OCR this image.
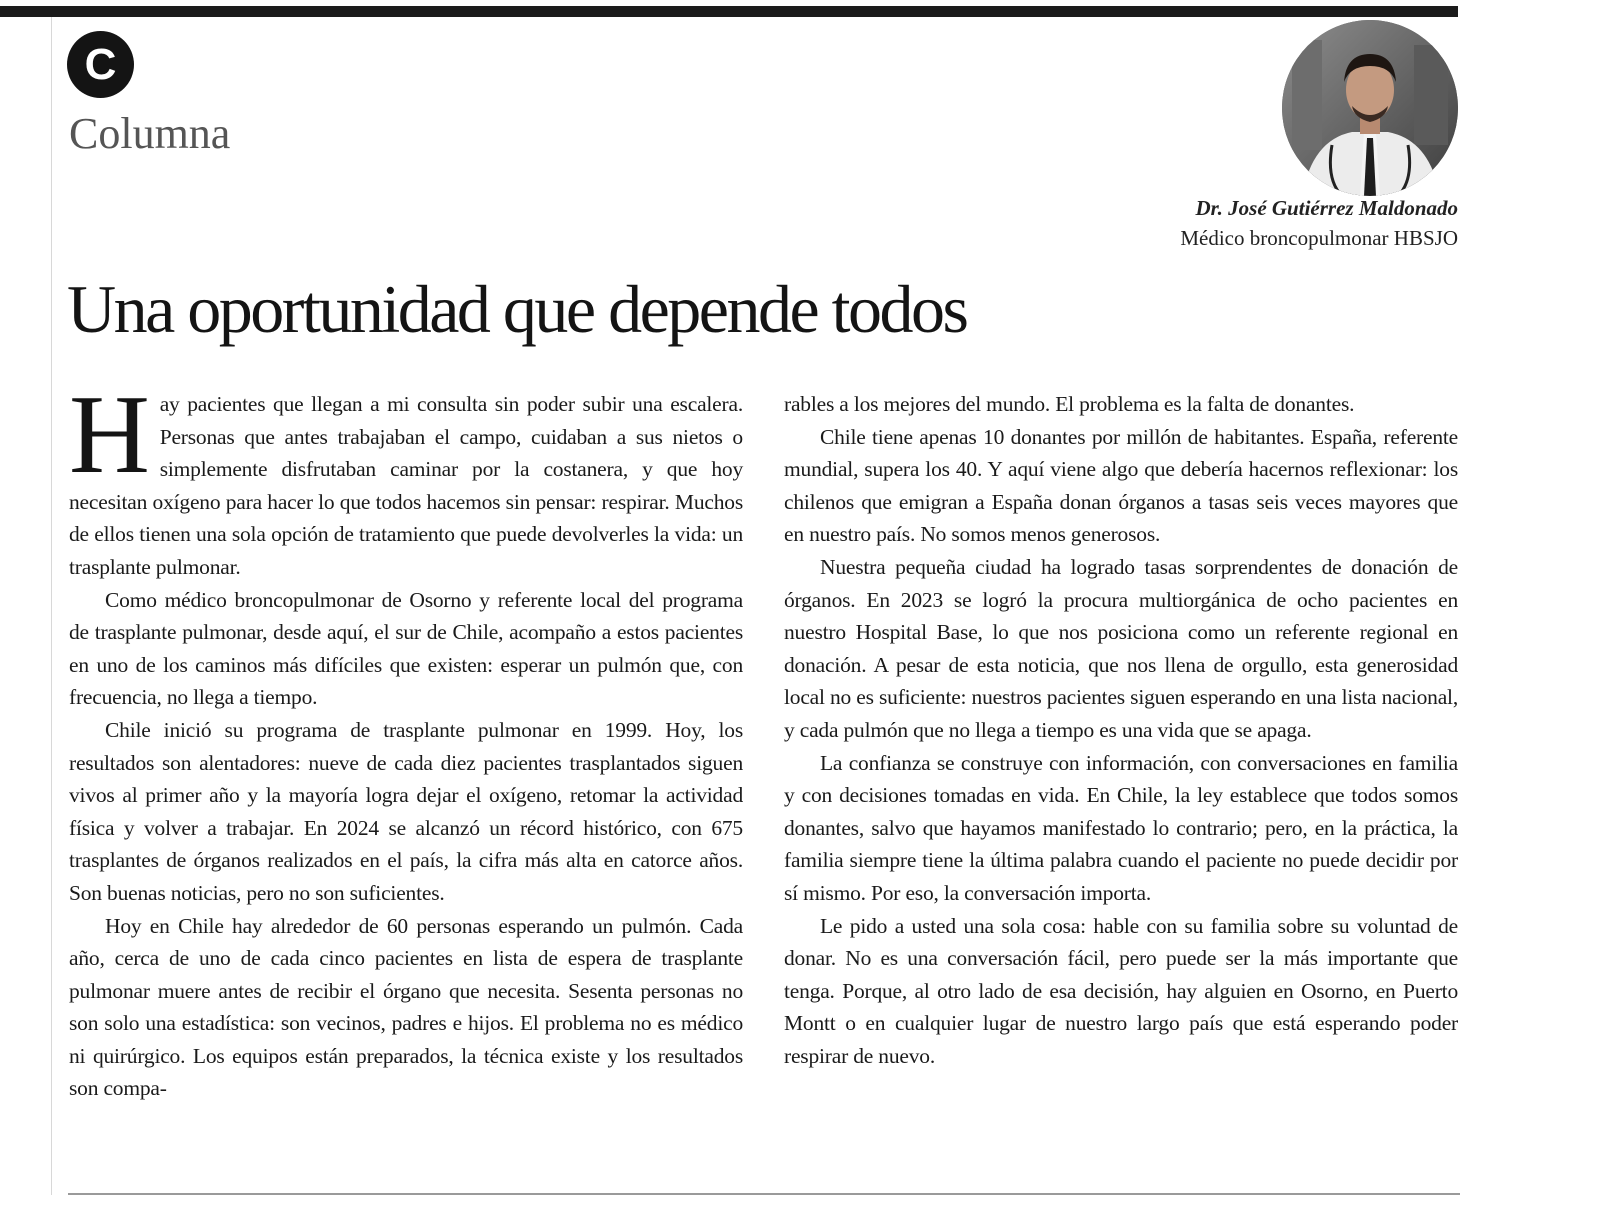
C
Columna
Dr. José Gutiérrez Maldonado
Médico broncopulmonar HBSJO
Una oportunidad que depende todos

Hay pacientes que llegan a mi consulta sin poder subir una escalera. Personas que antes trabajaban el campo, cuidaban a sus nietos o simplemente disfrutaban caminar por la costanera, y que hoy necesitan oxígeno para hacer lo que todos hacemos sin pensar: respirar. Muchos de ellos tienen una sola opción de tratamiento que puede devolverles la vida: un trasplante pulmonar.

Como médico broncopulmonar de Osorno y referente local del programa de trasplante pulmonar, desde aquí, el sur de Chile, acompaño a estos pacientes en uno de los caminos más difíciles que existen: esperar un pulmón que, con frecuencia, no llega a tiempo.

Chile inició su programa de trasplante pulmonar en 1999. Hoy, los resultados son alentadores: nueve de cada diez pacientes trasplantados siguen vivos al primer año y la mayoría logra dejar el oxígeno, retomar la actividad física y volver a trabajar. En 2024 se alcanzó un récord histórico, con 675 trasplantes de órganos realizados en el país, la cifra más alta en catorce años. Son buenas noticias, pero no son suficientes.

Hoy en Chile hay alrededor de 60 personas esperando un pulmón. Cada año, cerca de uno de cada cinco pacientes en lista de espera de trasplante pulmonar muere antes de recibir el órgano que necesita. Sesenta personas no son solo una estadística: son vecinos, padres e hijos. El problema no es médico ni quirúrgico. Los equipos están preparados, la técnica existe y los resultados son compa-

rables a los mejores del mundo. El problema es la falta de donantes.

Chile tiene apenas 10 donantes por millón de habitantes. España, referente mundial, supera los 40. Y aquí viene algo que debería hacernos reflexionar: los chilenos que emigran a España donan órganos a tasas seis veces mayores que en nuestro país. No somos menos generosos.

Nuestra pequeña ciudad ha logrado tasas sorprendentes de donación de órganos. En 2023 se logró la procura multiorgánica de ocho pacientes en nuestro Hospital Base, lo que nos posiciona como un referente regional en donación. A pesar de esta noticia, que nos llena de orgullo, esta generosidad local no es suficiente: nuestros pacientes siguen esperando en una lista nacional, y cada pulmón que no llega a tiempo es una vida que se apaga.

La confianza se construye con información, con conversaciones en familia y con decisiones tomadas en vida. En Chile, la ley establece que todos somos donantes, salvo que hayamos manifestado lo contrario; pero, en la práctica, la familia siempre tiene la última palabra cuando el paciente no puede decidir por sí mismo. Por eso, la conversación importa.

Le pido a usted una sola cosa: hable con su familia sobre su voluntad de donar. No es una conversación fácil, pero puede ser la más importante que tenga. Porque, al otro lado de esa decisión, hay alguien en Osorno, en Puerto Montt o en cualquier lugar de nuestro largo país que está esperando poder respirar de nuevo.
